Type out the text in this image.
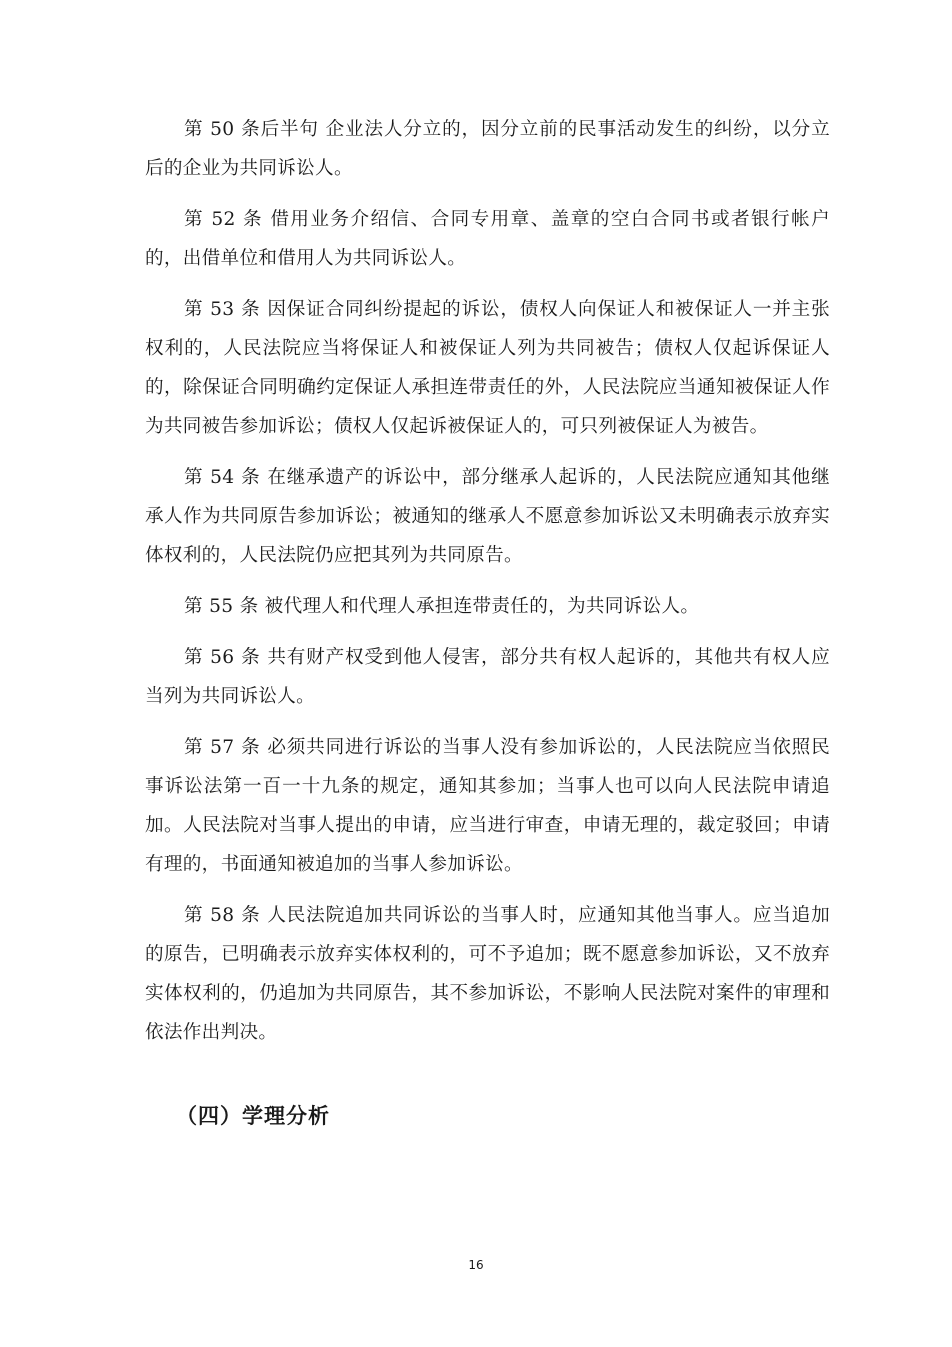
第 50 条后半句 企业法人分立的，因分立前的民事活动发生的纠纷，以分立后的企业为共同诉讼人。

第 52 条 借用业务介绍信、合同专用章、盖章的空白合同书或者银行帐户的，出借单位和借用人为共同诉讼人。

第 53 条 因保证合同纠纷提起的诉讼，债权人向保证人和被保证人一并主张权利的，人民法院应当将保证人和被保证人列为共同被告；债权人仅起诉保证人的，除保证合同明确约定保证人承担连带责任的外，人民法院应当通知被保证人作为共同被告参加诉讼；债权人仅起诉被保证人的，可只列被保证人为被告。

第 54 条 在继承遗产的诉讼中，部分继承人起诉的，人民法院应通知其他继承人作为共同原告参加诉讼；被通知的继承人不愿意参加诉讼又未明确表示放弃实体权利的，人民法院仍应把其列为共同原告。

第 55 条 被代理人和代理人承担连带责任的，为共同诉讼人。

第 56 条 共有财产权受到他人侵害，部分共有权人起诉的，其他共有权人应当列为共同诉讼人。

第 57 条 必须共同进行诉讼的当事人没有参加诉讼的，人民法院应当依照民事诉讼法第一百一十九条的规定，通知其参加；当事人也可以向人民法院申请追加。人民法院对当事人提出的申请，应当进行审查，申请无理的，裁定驳回；申请有理的，书面通知被追加的当事人参加诉讼。

第 58 条 人民法院追加共同诉讼的当事人时，应通知其他当事人。应当追加的原告，已明确表示放弃实体权利的，可不予追加；既不愿意参加诉讼，又不放弃实体权利的，仍追加为共同原告，其不参加诉讼，不影响人民法院对案件的审理和依法作出判决。

（四）学理分析
16
